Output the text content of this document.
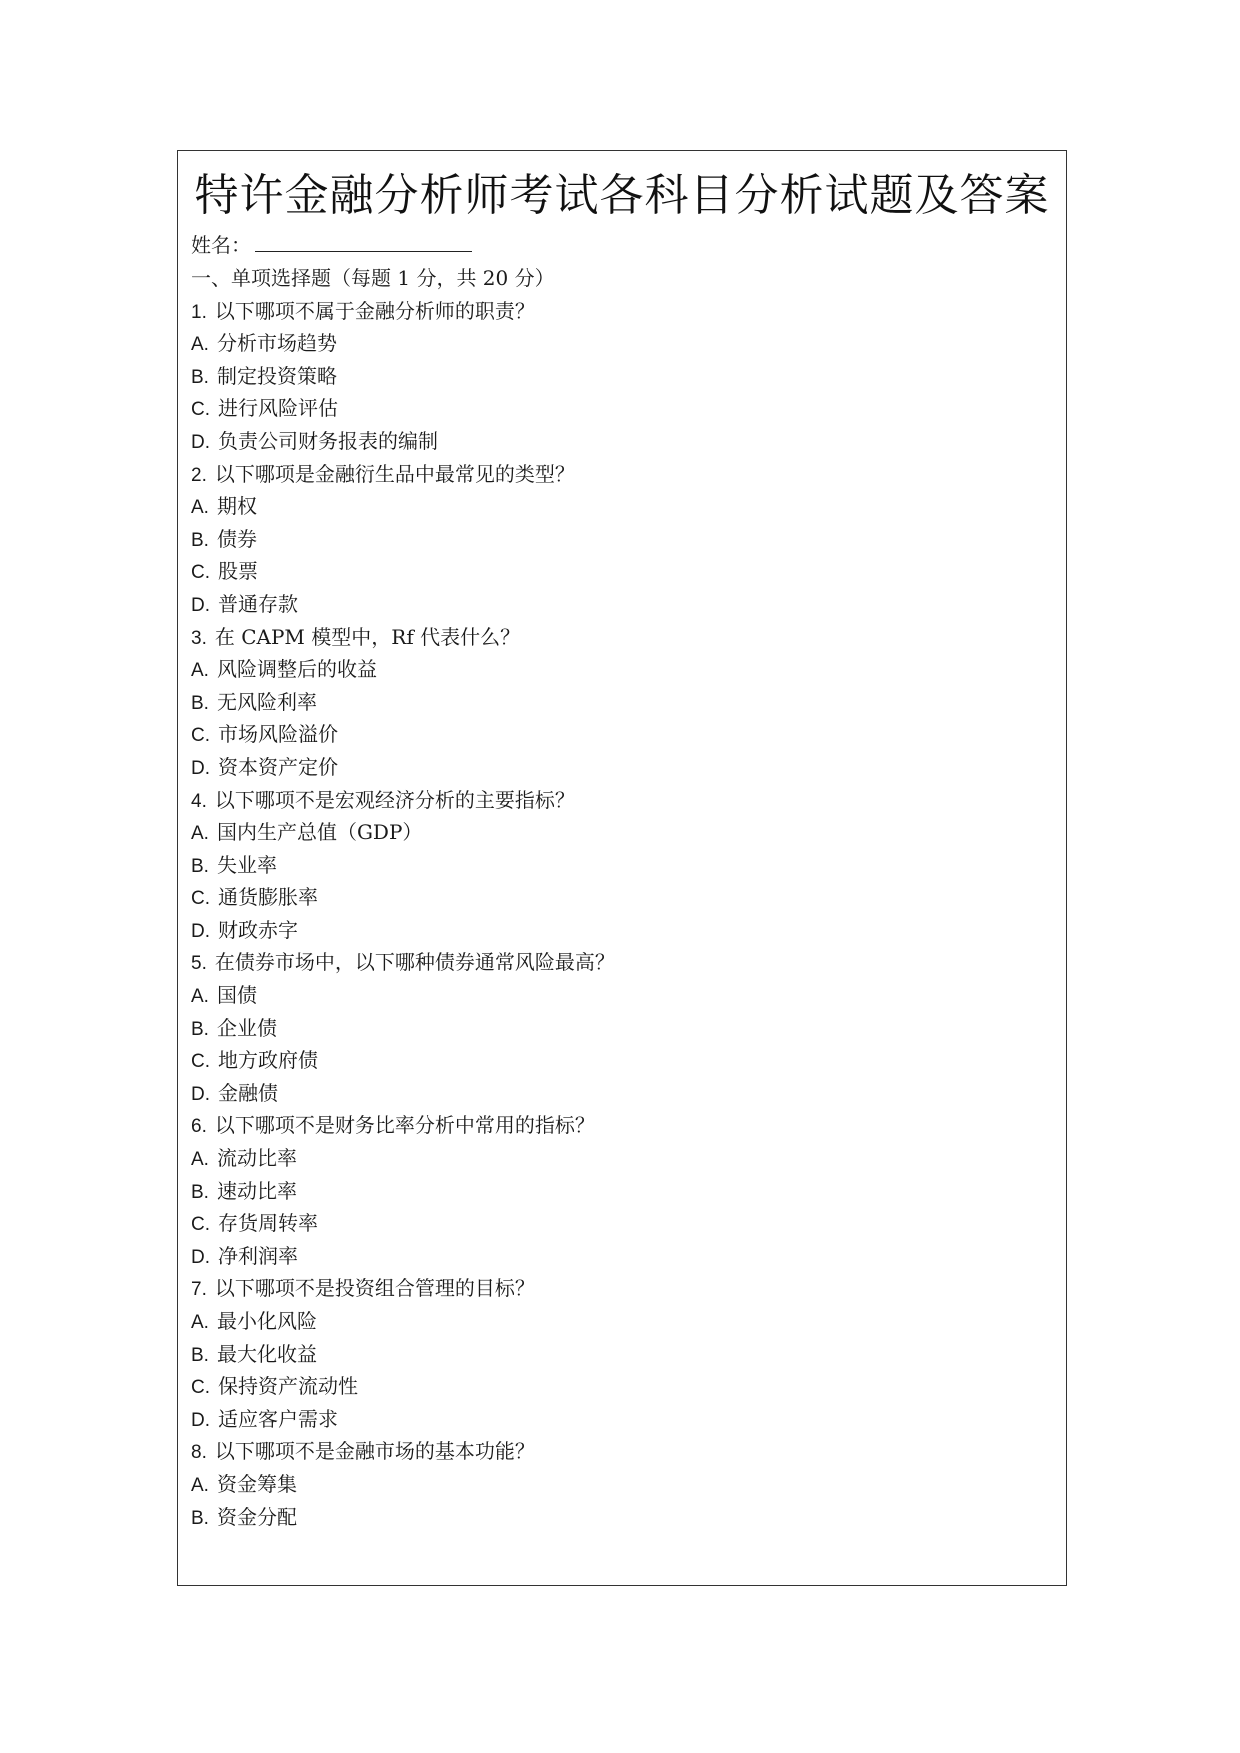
特许金融分析师考试各科目分析试题及答案
姓名：
一、单项选择题（每题 1 分，共 20 分）
1. 以下哪项不属于金融分析师的职责？
A. 分析市场趋势
B. 制定投资策略
C. 进行风险评估
D. 负责公司财务报表的编制
2. 以下哪项是金融衍生品中最常见的类型？
A. 期权
B. 债券
C. 股票
D. 普通存款
3. 在 CAPM 模型中，Rf 代表什么？
A. 风险调整后的收益
B. 无风险利率
C. 市场风险溢价
D. 资本资产定价
4. 以下哪项不是宏观经济分析的主要指标？
A. 国内生产总值（GDP）
B. 失业率
C. 通货膨胀率
D. 财政赤字
5. 在债券市场中，以下哪种债券通常风险最高？
A. 国债
B. 企业债
C. 地方政府债
D. 金融债
6. 以下哪项不是财务比率分析中常用的指标？
A. 流动比率
B. 速动比率
C. 存货周转率
D. 净利润率
7. 以下哪项不是投资组合管理的目标？
A. 最小化风险
B. 最大化收益
C. 保持资产流动性
D. 适应客户需求
8. 以下哪项不是金融市场的基本功能？
A. 资金筹集
B. 资金分配
